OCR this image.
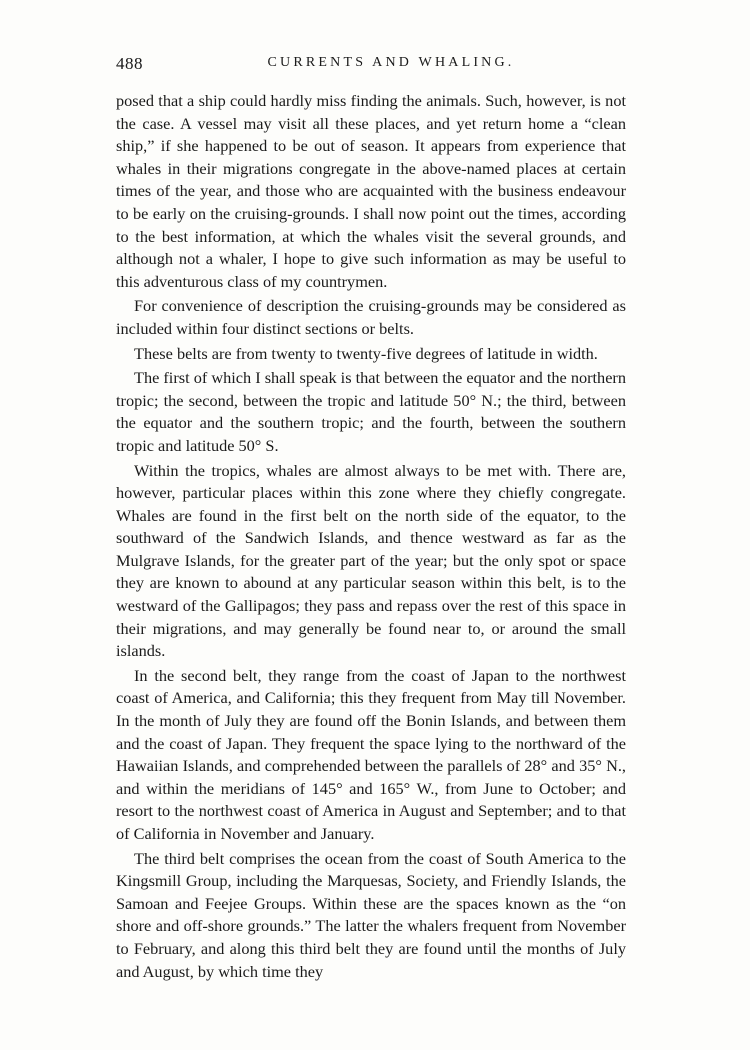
488	CURRENTS AND WHALING.

posed that a ship could hardly miss finding the animals. Such, however, is not the case. A vessel may visit all these places, and yet return home a “clean ship,” if she happened to be out of season. It appears from experience that whales in their migrations congregate in the above-named places at certain times of the year, and those who are acquainted with the business endeavour to be early on the cruising-grounds. I shall now point out the times, according to the best information, at which the whales visit the several grounds, and although not a whaler, I hope to give such information as may be useful to this adventurous class of my countrymen.

For convenience of description the cruising-grounds may be considered as included within four distinct sections or belts.

These belts are from twenty to twenty-five degrees of latitude in width.

The first of which I shall speak is that between the equator and the northern tropic; the second, between the tropic and latitude 50° N.; the third, between the equator and the southern tropic; and the fourth, between the southern tropic and latitude 50° S.

Within the tropics, whales are almost always to be met with. There are, however, particular places within this zone where they chiefly congregate. Whales are found in the first belt on the north side of the equator, to the southward of the Sandwich Islands, and thence westward as far as the Mulgrave Islands, for the greater part of the year; but the only spot or space they are known to abound at any particular season within this belt, is to the westward of the Gallipagos; they pass and repass over the rest of this space in their migrations, and may generally be found near to, or around the small islands.

In the second belt, they range from the coast of Japan to the northwest coast of America, and California; this they frequent from May till November. In the month of July they are found off the Bonin Islands, and between them and the coast of Japan. They frequent the space lying to the northward of the Hawaiian Islands, and comprehended between the parallels of 28° and 35° N., and within the meridians of 145° and 165° W., from June to October; and resort to the northwest coast of America in August and September; and to that of California in November and January.

The third belt comprises the ocean from the coast of South America to the Kingsmill Group, including the Marquesas, Society, and Friendly Islands, the Samoan and Feejee Groups. Within these are the spaces known as the “on shore and off-shore grounds.” The latter the whalers frequent from November to February, and along this third belt they are found until the months of July and August, by which time they
